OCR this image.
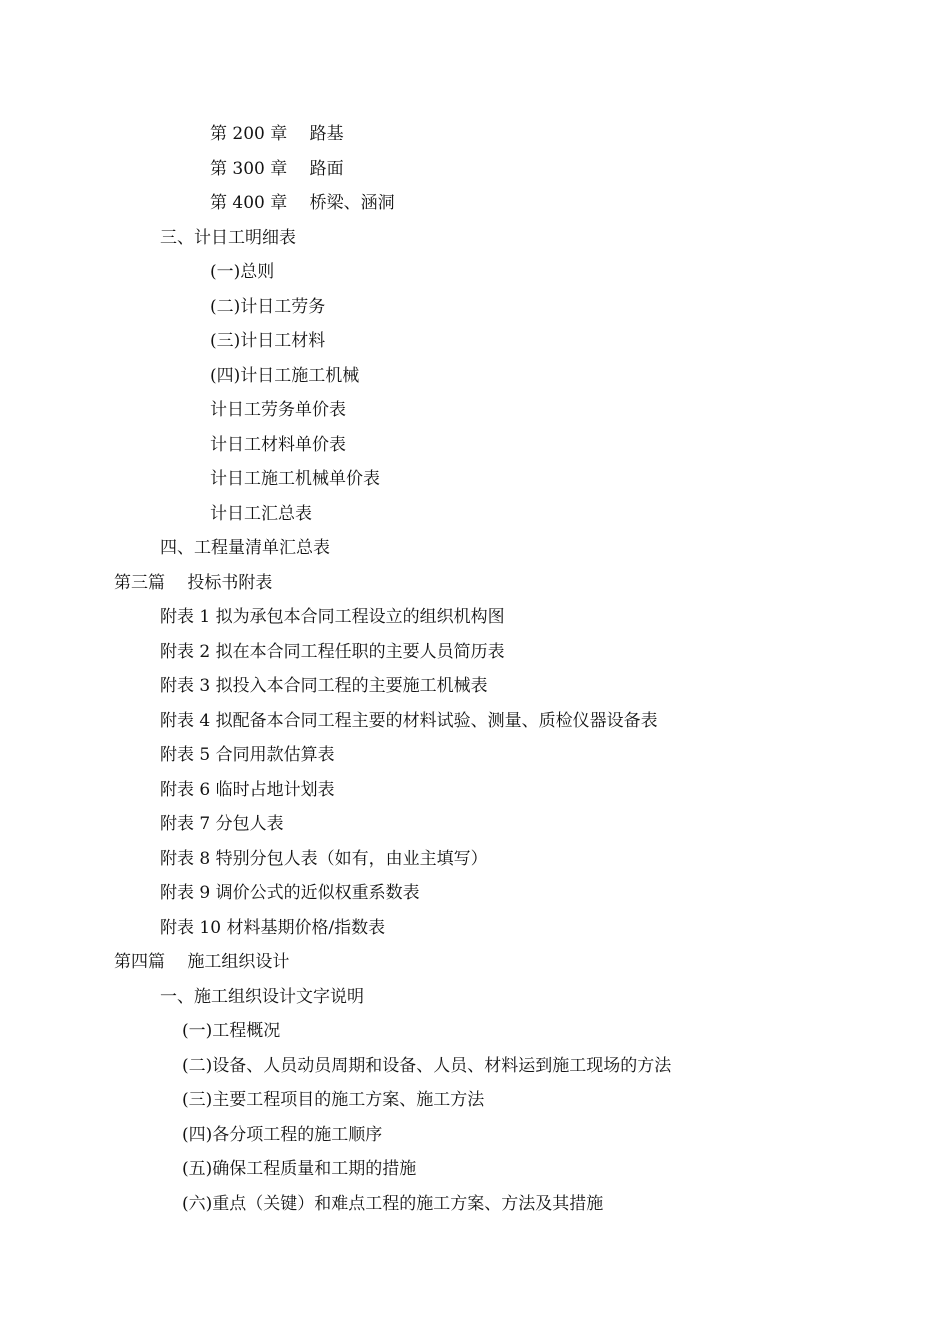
第 200 章　 路基
第 300 章　 路面
第 400 章　 桥梁、涵洞
三、计日工明细表
(一)总则
(二)计日工劳务
(三)计日工材料
(四)计日工施工机械
计日工劳务单价表
计日工材料单价表
计日工施工机械单价表
计日工汇总表
四、工程量清单汇总表
第三篇　 投标书附表
附表 1 拟为承包本合同工程设立的组织机构图
附表 2 拟在本合同工程任职的主要人员简历表
附表 3 拟投入本合同工程的主要施工机械表
附表 4 拟配备本合同工程主要的材料试验、测量、质检仪器设备表
附表 5 合同用款估算表
附表 6 临时占地计划表
附表 7 分包人表
附表 8 特别分包人表（如有，由业主填写）
附表 9 调价公式的近似权重系数表
附表 10 材料基期价格/指数表
第四篇　 施工组织设计
一、施工组织设计文字说明
(一)工程概况
(二)设备、人员动员周期和设备、人员、材料运到施工现场的方法
(三)主要工程项目的施工方案、施工方法
(四)各分项工程的施工顺序
(五)确保工程质量和工期的措施
(六)重点（关键）和难点工程的施工方案、方法及其措施
